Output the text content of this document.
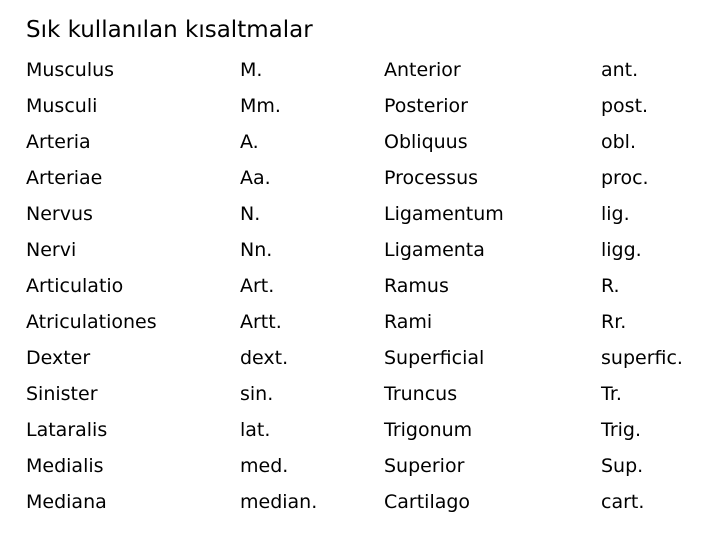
Sık kullanılan kısaltmalar
Musculus	M.	Anterior	ant.
Musculi	Mm.	Posterior	post.
Arteria	A.	Obliquus	obl.
Arteriae	Aa.	Processus	proc.
Nervus	N.	Ligamentum	lig.
Nervi	Nn.	Ligamenta	ligg.
Articulatio	Art.	Ramus	R.
Atriculationes	Artt.	Rami	Rr.
Dexter	dext.	Superficial	superfic.
Sinister	sin.	Truncus	Tr.
Lataralis	lat.	Trigonum	Trig.
Medialis	med.	Superior	Sup.
Mediana	median.	Cartilago	cart.
